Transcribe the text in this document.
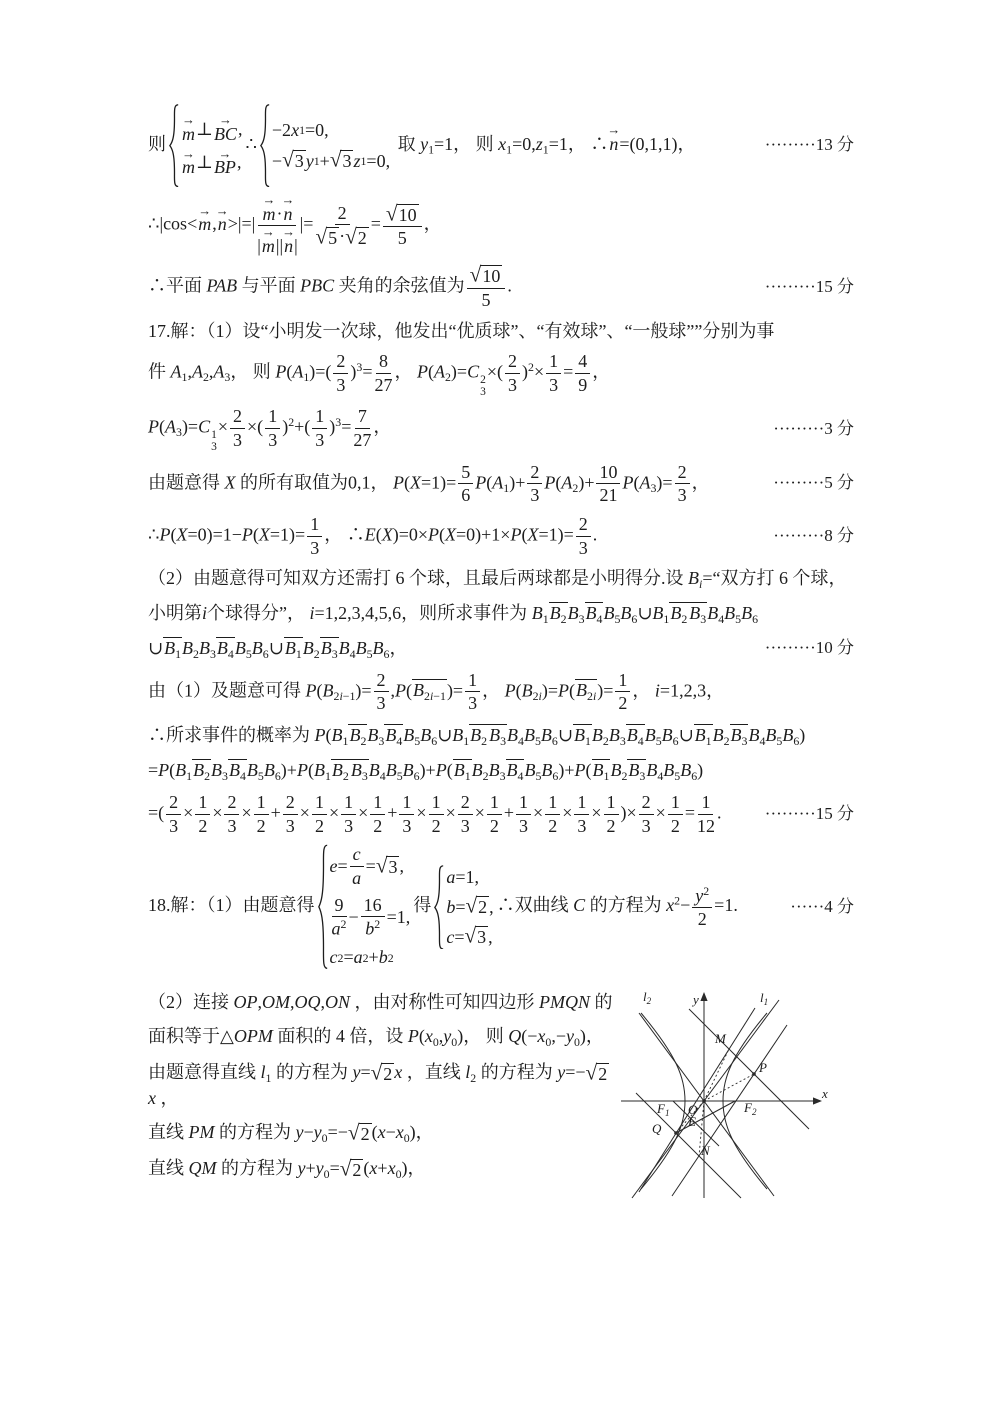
则
→
m ⊥ →
BC ,
→
m ⊥ →
BP ,
∴
−2 x 1 =0,
− √ 3 y 1 + √ 3 z 1 =0,
取 $y_1=1$， 则 $x_1=0,z_1=1$， ∴
→
n=(0,1,1)，	·········13 分
∴|cos<
→
m,
→
n>|=| →
m·
→
n
|
→
m||
→
n| |= $\frac{2}{√ 5 \cdot √ 2} = \frac{√ 10}{5}$ ，
∴平面 PAB 与平面 PBC 夹角的余弦值为 $\frac{√ 10}{5}$ .	·········15 分
17.解：（1）设“小明发一次球，他发出“优质球”、“有效球”、“一般球””分别为事
件 $A_1,A_2,A_3$， 则 $P(A_1)=( \frac{2}{3} )^3= \frac{8}{27}$ ， $P(A_2)=C$ 2
3
×( $\frac{2}{3} )^2\times \frac{1}{3} = \frac{4}{9}$ ，
$P(A_3)=C$ 1
3
× $\frac{2}{3}$ ×( $\frac{1}{3} )^2+( \frac{1}{3} )^3= \frac{7}{27}$ ，	·········3 分
由题意得 X 的所有取值为0,1， $P(X=1)= \frac{5}{6} P(A_1)+ \frac{2}{3} P(A_2)+ \frac{10}{21} P(A_3)= \frac{2}{3}$ ，	·········5 分
∴P(X=0)=1−P(X=1)= $\frac{1}{3}$ ， ∴E(X)=0×P(X=0)+1×P(X=1)= $\frac{2}{3}$ .	·········8 分
（2）由题意得可知双方还需打 6 个球，且最后两球都是小明得分.设 $B_i=“$双方打 6 个球，
小明第i个球得分”， i=1,2,3,4,5,6，则所求事件为 $B_1B_2B_3B_4B_5B_6\cup B_1B_2$ $B_3B_4B_5B_6$
$\cup B_1B_2B_3B_4B_5B_6\cup B_1B_2B_3B_4B_5B_6$，	·········10 分
由（1）及题意可得 $P(B_{2i-1})= \frac{2}{3} ,P(B_{2i-1})= \frac{1}{3}$ ， $P(B_{2i})=P(B_{2i})= \frac{1}{2}$ ， i=1,2,3，
∴所求事件的概率为 $P(B_1B_2B_3B_4B_5B_6\cup B_1B_2$ $B_3B_4B_5B_6\cup B_1B_2B_3B_4B_5B_6\cup B_1B_2B_3B_4B_5B_6$)
$=P(B_1B_2B_3B_4B_5B_6)+P(B_1B_2$ $B_3B_4B_5B_6)+P(B_1B_2B_3B_4B_5B_6)+P(B_1B_2B_3B_4B_5B_6)$
=( $\frac{2}{3} \times \frac{1}{2} \times \frac{2}{3} \times \frac{1}{2} + \frac{2}{3} \times \frac{1}{2} \times \frac{1}{3} \times \frac{1}{2} + \frac{1}{3} \times \frac{1}{2} \times \frac{2}{3} \times \frac{1}{2} + \frac{1}{3} \times \frac{1}{2} \times \frac{1}{3} \times \frac{1}{2}$ )× $\frac{2}{3} \times \frac{1}{2} = \frac{1}{12}$ .	·········15 分
18.解：（1）由题意得
$e = \frac{c}{a}$ = √ 3 ,
$\frac{9}{a^2} - \frac{16}{b^2} =1$,
c 2 = a 2 + b 2
得
a =1,
b = √ 2 ,
c = √ 3 ,
∴双曲线 C 的方程为 $x^2- \frac{y^2}{2} =1$.	······4 分
（2）连接 OP,OM,OQ,ON ，由对称性可知四边形 PMQN 的
面积等于△OPM 面积的 4 倍，设 $P(x_0,y_0)$， 则 $Q(-x_0,-y_0)$，
由题意得直线 $l_1$ 的方程为 y= √ 2 x ，直线 $l_2$ 的方程为 y=− √ 2
x ，
直线 PM 的方程为 $y-y_0=-$ √ 2 $(x-x_0)$，
直线 QM 的方程为 $y+y_0=$ √ 2 $(x+x_0)$，
$l_2$	y	$l_1$
M
P
O
$F_1$	$F_2$
Q E
N
x
